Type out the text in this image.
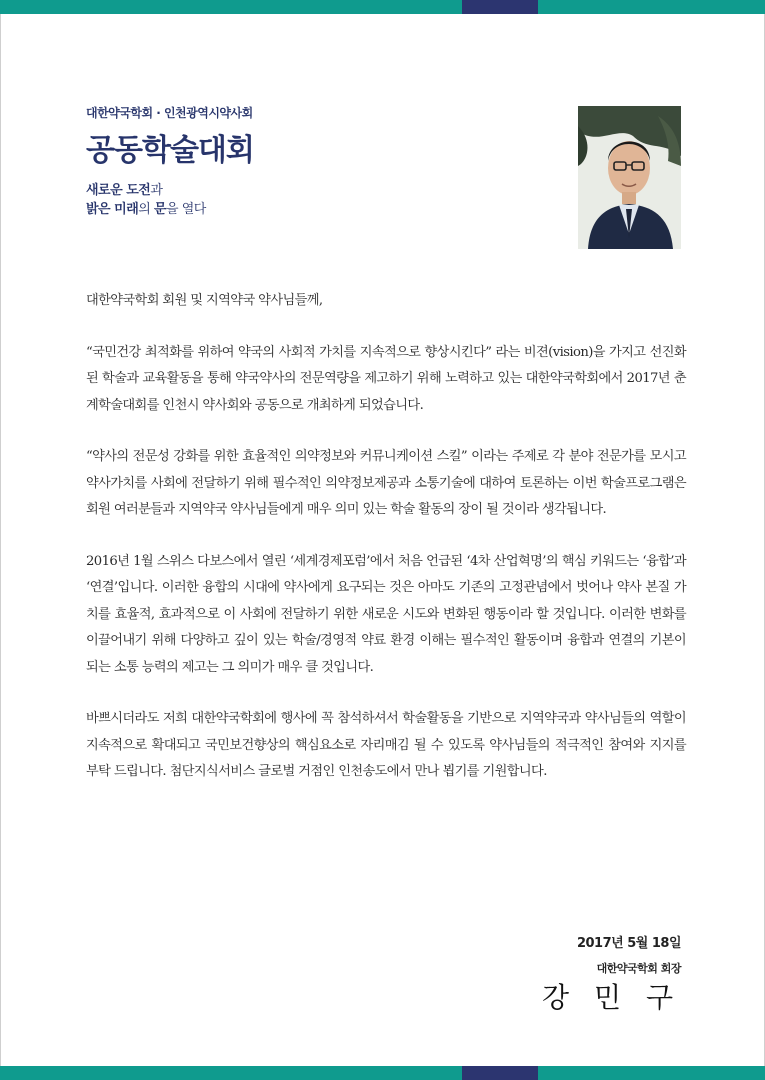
대한약국학회 · 인천광역시약사회
공동학술대회
새로운 도전과
밝은 미래의 문을 열다

대한약국학회 회원 및 지역약국 약사님들께,

“국민건강 최적화를 위하여 약국의 사회적 가치를 지속적으로 향상시킨다” 라는 비젼(vision)을 가지고 선진화된 학술과 교육활동을 통해 약국약사의 전문역량을 제고하기 위해 노력하고 있는 대한약국학회에서 2017년 춘계학술대회를 인천시 약사회와 공동으로 개최하게 되었습니다.

“약사의 전문성 강화를 위한 효율적인 의약정보와 커뮤니케이션 스킬” 이라는 주제로 각 분야 전문가를 모시고 약사가치를 사회에 전달하기 위해 필수적인 의약정보제공과 소통기술에 대하여 토론하는 이번 학술프로그램은 회원 여러분들과 지역약국 약사님들에게 매우 의미 있는 학술 활동의 장이 될 것이라 생각됩니다.

2016년 1월 스위스 다보스에서 열린 ‘세계경제포럼’에서 처음 언급된 ‘4차 산업혁명’의 핵심 키워드는 ‘융합’과 ‘연결’입니다. 이러한 융합의 시대에 약사에게 요구되는 것은 아마도 기존의 고정관념에서 벗어나 약사 본질 가치를 효율적, 효과적으로 이 사회에 전달하기 위한 새로운 시도와 변화된 행동이라 할 것입니다. 이러한 변화를 이끌어내기 위해 다양하고 깊이 있는 학술/경영적 약료 환경 이해는 필수적인 활동이며 융합과 연결의 기본이 되는 소통 능력의 제고는 그 의미가 매우 클 것입니다.

바쁘시더라도 저희 대한약국학회에 행사에 꼭 참석하셔서 학술활동을 기반으로 지역약국과 약사님들의 역할이 지속적으로 확대되고 국민보건향상의 핵심요소로 자리매김 될 수 있도록 약사님들의 적극적인 참여와 지지를 부탁 드립니다. 첨단지식서비스 글로벌 거점인 인천송도에서 만나 뵙기를 기원합니다.

2017년 5월 18일
대한약국학회 회장
강 민 구
